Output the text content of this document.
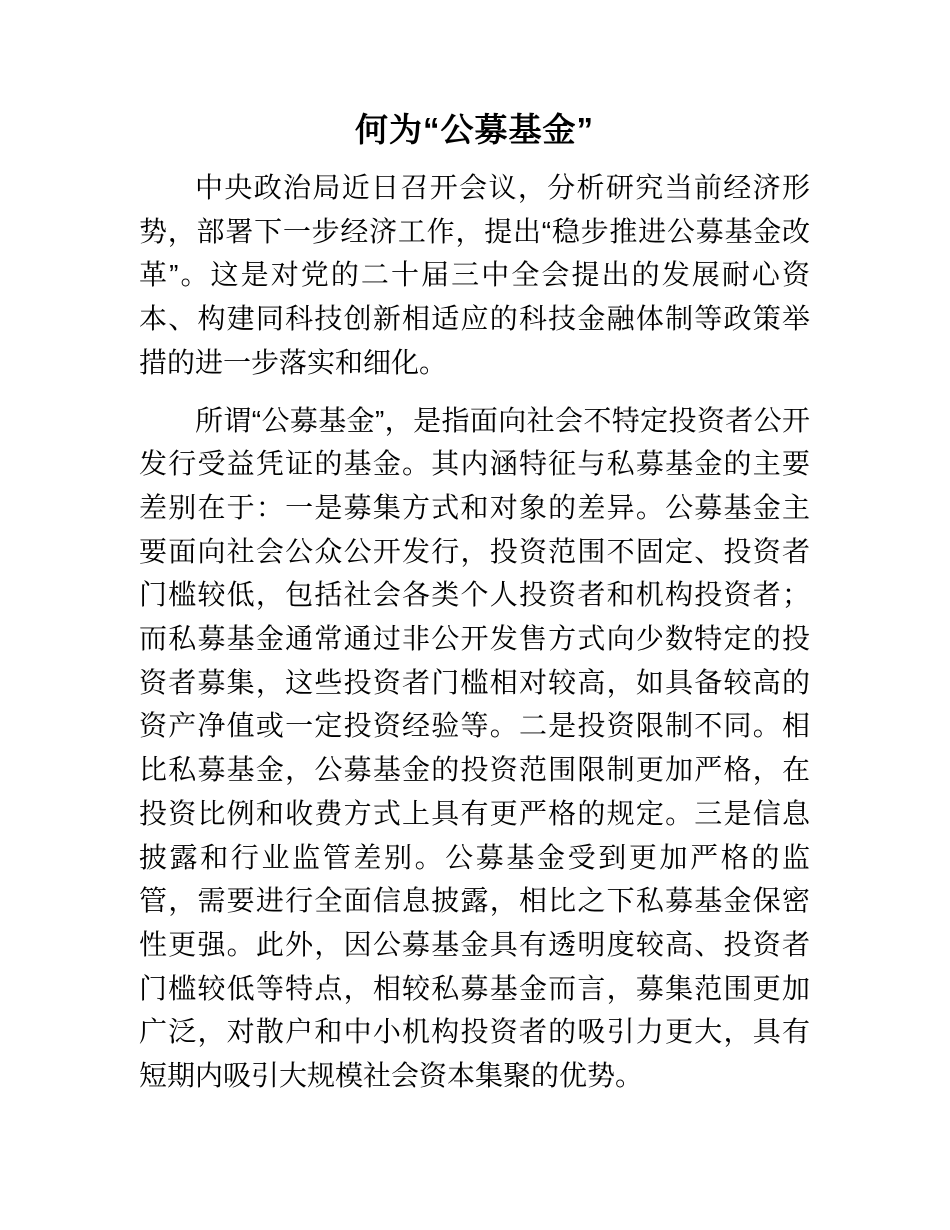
何为“公募基金”

中央政治局近日召开会议，分析研究当前经济形势，部署下一步经济工作，提出“稳步推进公募基金改革”。这是对党的二十届三中全会提出的发展耐心资本、构建同科技创新相适应的科技金融体制等政策举措的进一步落实和细化。

所谓“公募基金”，是指面向社会不特定投资者公开发行受益凭证的基金。其内涵特征与私募基金的主要差别在于：一是募集方式和对象的差异。公募基金主要面向社会公众公开发行，投资范围不固定、投资者门槛较低，包括社会各类个人投资者和机构投资者；而私募基金通常通过非公开发售方式向少数特定的投资者募集，这些投资者门槛相对较高，如具备较高的资产净值或一定投资经验等。二是投资限制不同。相比私募基金，公募基金的投资范围限制更加严格，在投资比例和收费方式上具有更严格的规定。三是信息披露和行业监管差别。公募基金受到更加严格的监管，需要进行全面信息披露，相比之下私募基金保密性更强。此外，因公募基金具有透明度较高、投资者门槛较低等特点，相较私募基金而言，募集范围更加广泛，对散户和中小机构投资者的吸引力更大，具有短期内吸引大规模社会资本集聚的优势。
